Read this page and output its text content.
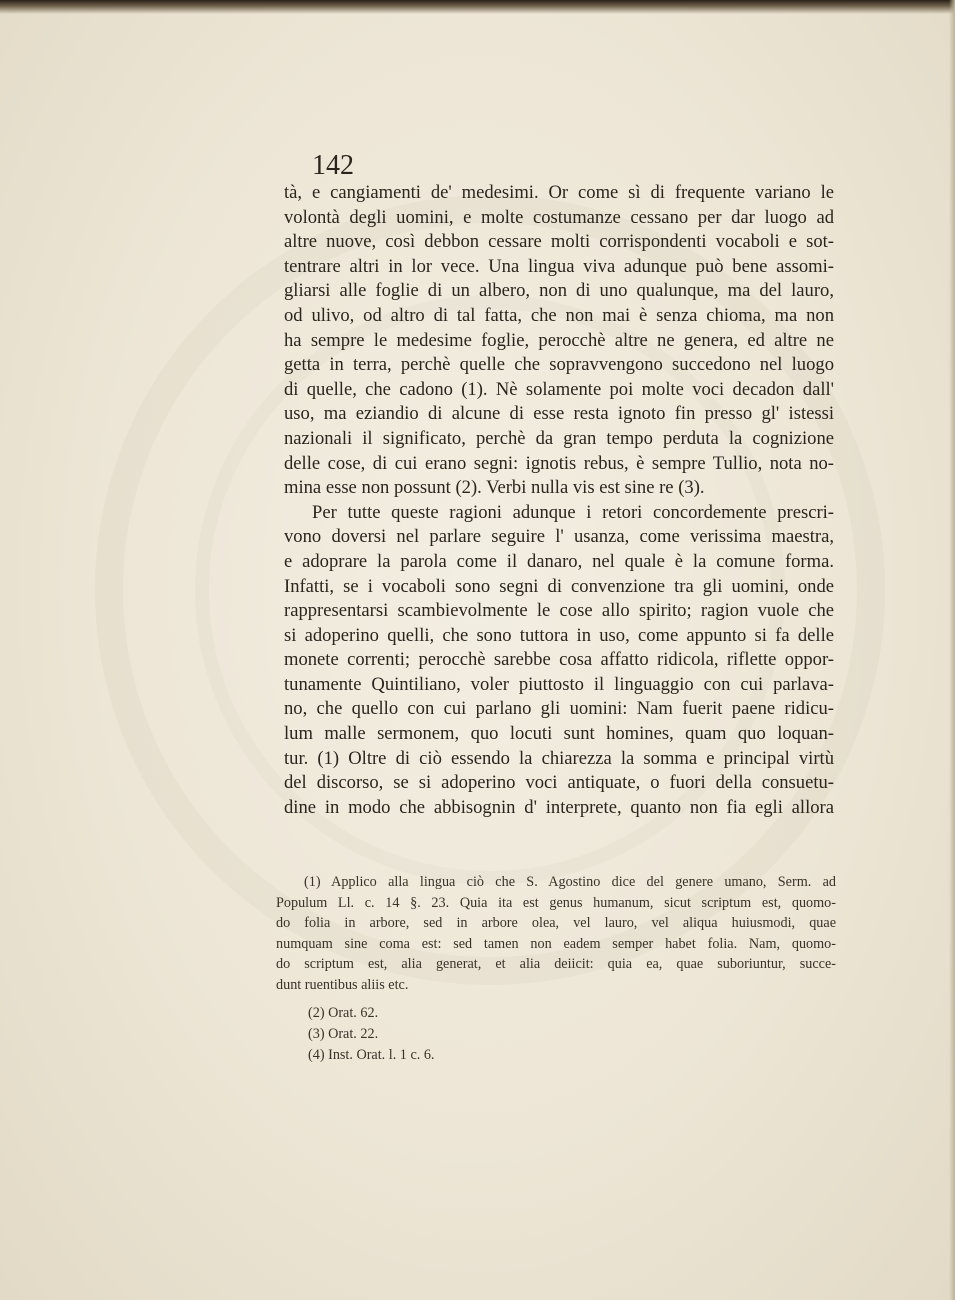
142
tà, e cangiamenti de' medesimi. Or come sì di frequente variano le
volontà degli uomini, e molte costumanze cessano per dar luogo ad
altre nuove, così debbon cessare molti corrispondenti vocaboli e sot-
tentrare altri in lor vece. Una lingua viva adunque può bene assomi-
gliarsi alle foglie di un albero, non di uno qualunque, ma del lauro,
od ulivo, od altro di tal fatta, che non mai è senza chioma, ma non
ha sempre le medesime foglie, perocchè altre ne genera, ed altre ne
getta in terra, perchè quelle che sopravvengono succedono nel luogo
di quelle, che cadono (1). Nè solamente poi molte voci decadon dall'
uso, ma eziandio di alcune di esse resta ignoto fin presso gl' istessi
nazionali il significato, perchè da gran tempo perduta la cognizione
delle cose, di cui erano segni: ignotis rebus, è sempre Tullio, nota no-
mina esse non possunt (2). Verbi nulla vis est sine re (3).
Per tutte queste ragioni adunque i retori concordemente prescri-
vono doversi nel parlare seguire l' usanza, come verissima maestra,
e adoprare la parola come il danaro, nel quale è la comune forma.
Infatti, se i vocaboli sono segni di convenzione tra gli uomini, onde
rappresentarsi scambievolmente le cose allo spirito; ragion vuole che
si adoperino quelli, che sono tuttora in uso, come appunto si fa delle
monete correnti; perocchè sarebbe cosa affatto ridicola, riflette oppor-
tunamente Quintiliano, voler piuttosto il linguaggio con cui parlava-
no, che quello con cui parlano gli uomini: Nam fuerit paene ridicu-
lum malle sermonem, quo locuti sunt homines, quam quo loquan-
tur. (1) Oltre di ciò essendo la chiarezza la somma e principal virtù
del discorso, se si adoperino voci antiquate, o fuori della consuetu-
dine in modo che abbisognin d' interprete, quanto non fia egli allora
(1) Applico alla lingua ciò che S. Agostino dice del genere umano, Serm. ad
Populum Ll. c. 14 §. 23. Quia ita est genus humanum, sicut scriptum est, quomo-
do folia in arbore, sed in arbore olea, vel lauro, vel aliqua huiusmodi, quae
numquam sine coma est: sed tamen non eadem semper habet folia. Nam, quomo-
do scriptum est, alia generat, et alia deiicit: quia ea, quae suboriuntur, succe-
dunt ruentibus aliis etc.
(2) Orat. 62.
(3) Orat. 22.
(4) Inst. Orat. l. 1 c. 6.
